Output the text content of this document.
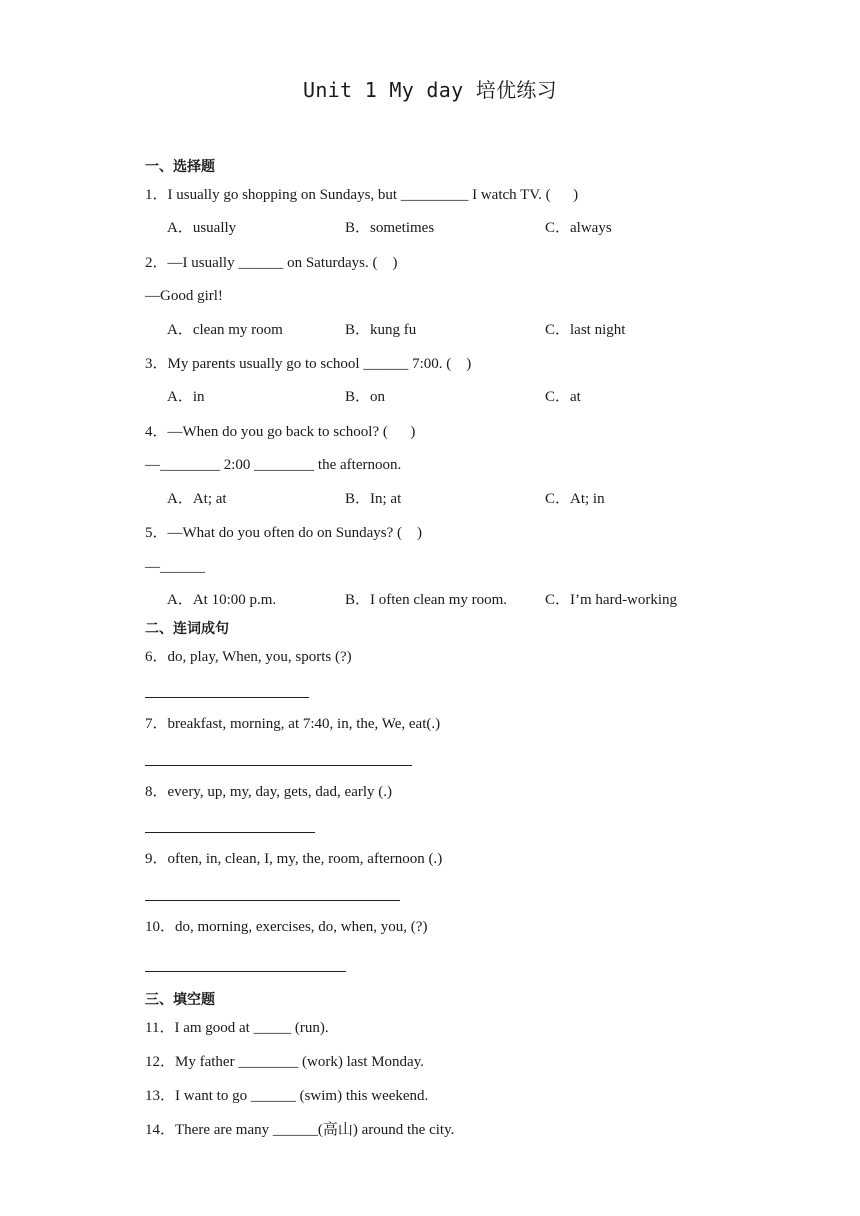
Unit 1 My day 培优练习
一、选择题
1．I usually go shopping on Sundays, but _________ I watch TV. (  )
A．usually	B．sometimes	C．always
2．—I usually ______ on Saturdays. ( )
—Good girl!
A．clean my room	B．kung fu	C．last night
3．My parents usually go to school ______ 7:00. ( )
A．in	B．on	C．at
4．—When do you go back to school? (  )
—________ 2:00 ________ the afternoon.
A．At; at	B．In; at	C．At; in
5．—What do you often do on Sundays? ( )
—______
A．At 10:00 p.m.	B．I often clean my room.	C．I’m hard-working
二、连词成句
6．do, play, When, you, sports (?)
7．breakfast, morning, at 7:40, in, the, We, eat(.)
8．every, up, my, day, gets, dad, early (.)
9．often, in, clean, I, my, the, room, afternoon (.)
10．do, morning, exercises, do, when, you, (?)
三、填空题
11．I am good at _____ (run).
12．My father ________ (work) last Monday.
13．I want to go ______ (swim) this weekend.
14．There are many ______(高山) around the city.
